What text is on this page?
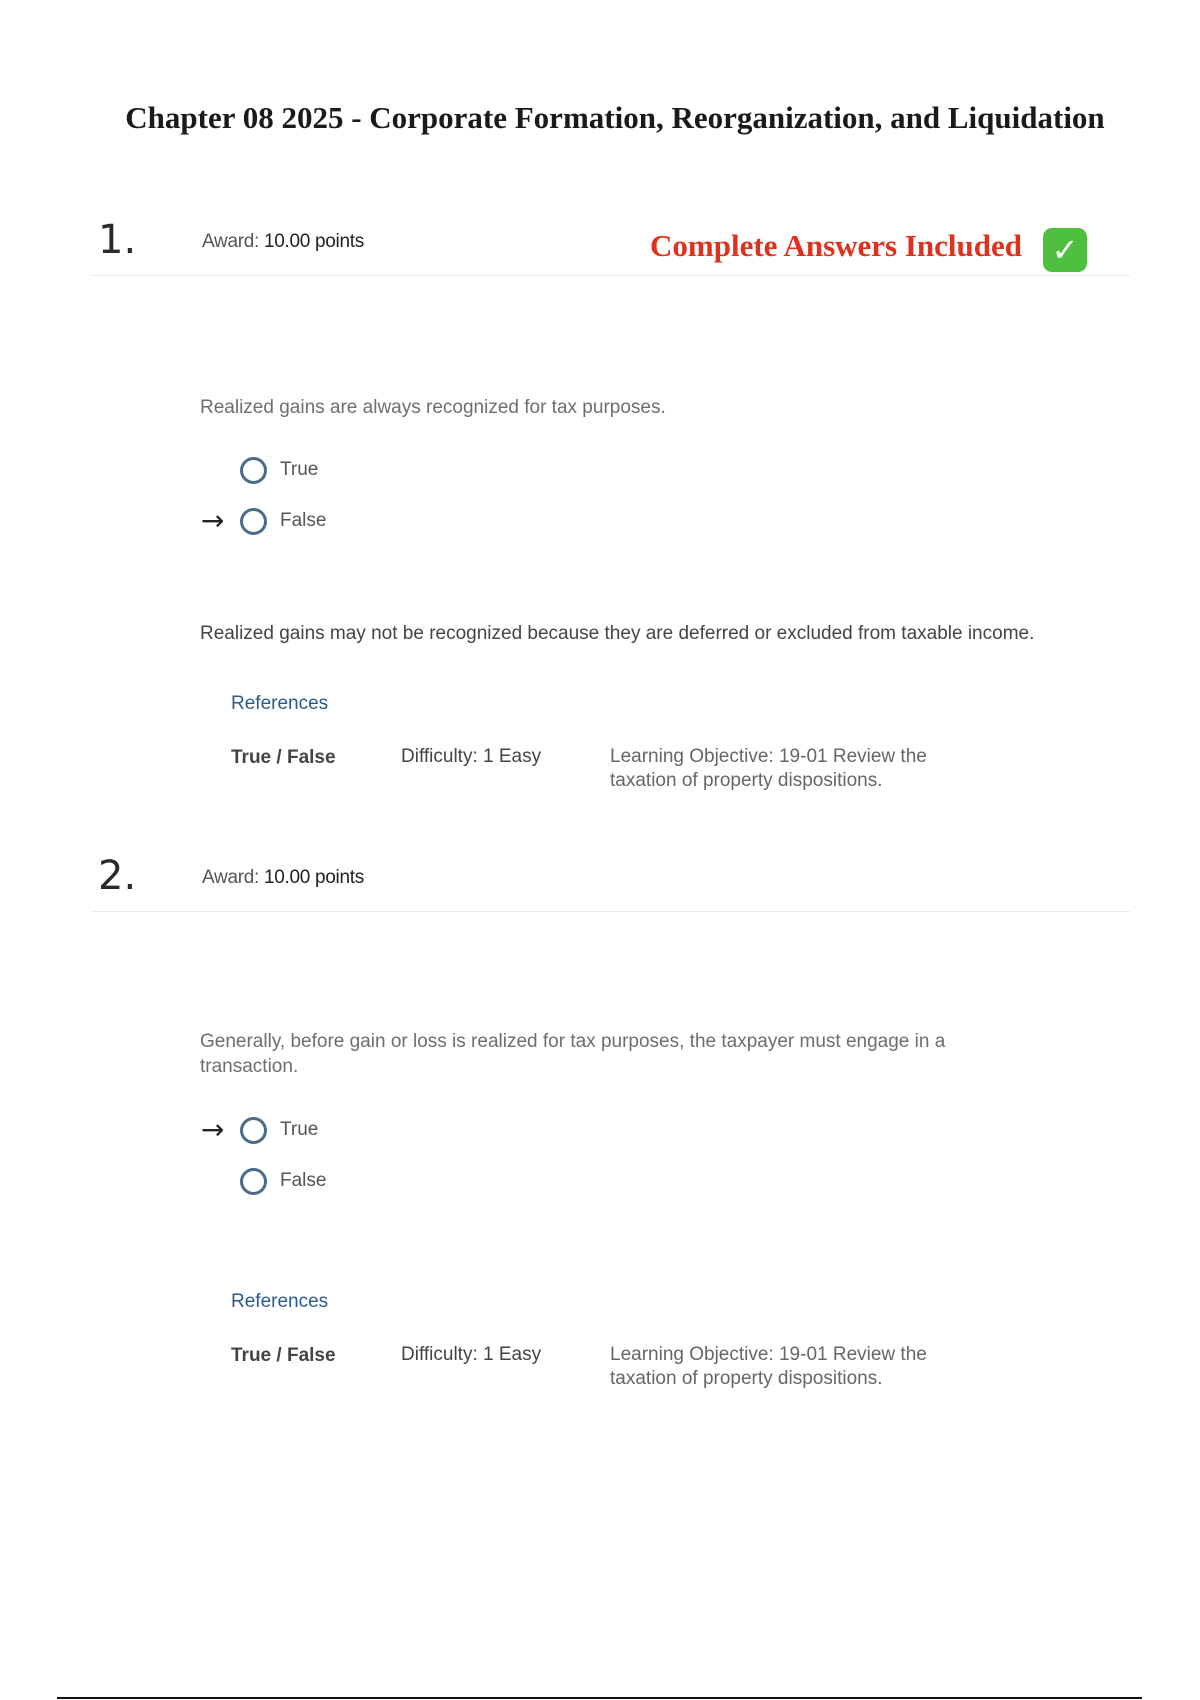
Chapter 08 2025 - Corporate Formation, Reorganization, and Liquidation
1.	Award: 10.00 points	Complete Answers Included ✓
Realized gains are always recognized for tax purposes.
True
→	False
Realized gains may not be recognized because they are deferred or excluded from taxable income.
References
True / False	Difficulty: 1 Easy	Learning Objective: 19-01 Review the taxation of property dispositions.
2.	Award: 10.00 points
Generally, before gain or loss is realized for tax purposes, the taxpayer must engage in a transaction.
→	True
False
References
True / False	Difficulty: 1 Easy	Learning Objective: 19-01 Review the taxation of property dispositions.
